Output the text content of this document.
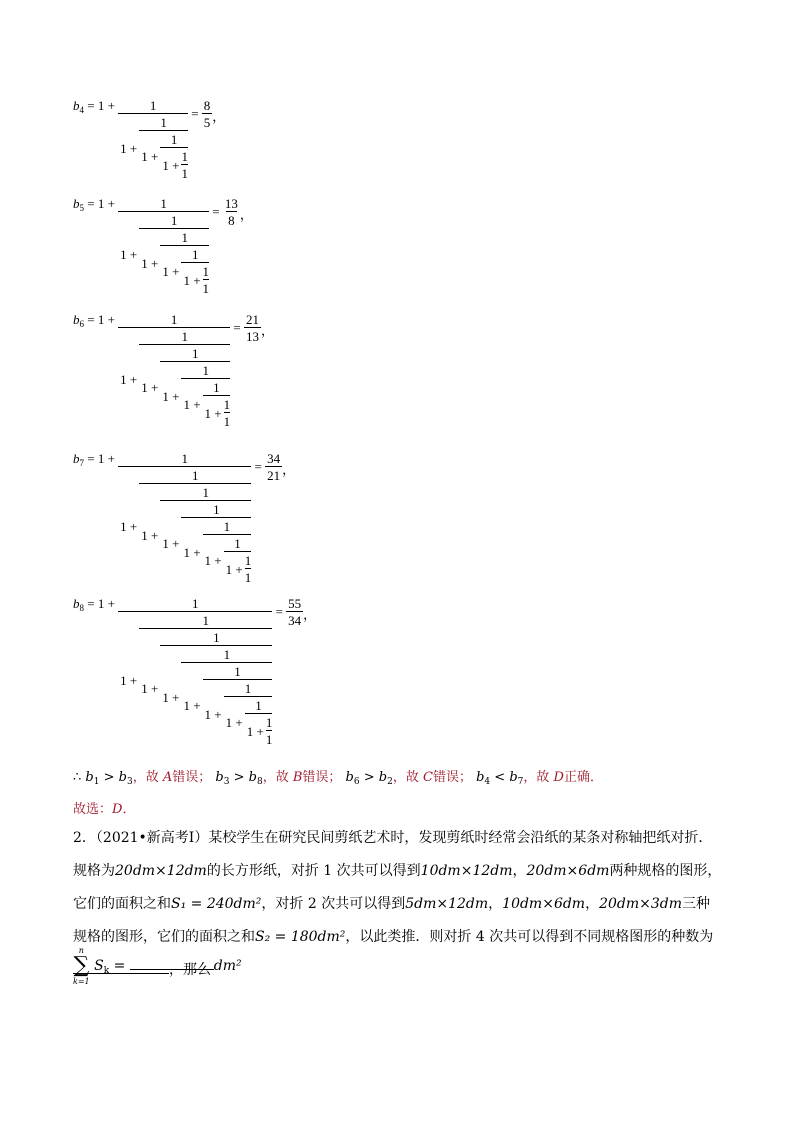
$b_4 = 1 + \frac{1}{1 + \frac{1}{1 + \frac{1}{1 + \frac{1}{1}}}} = \frac{8}{5}$ ，
$b_5 = 1 + \frac{1}{1 + \frac{1}{1 + \frac{1}{1 + \frac{1}{1 + \frac{1}{1}}}}} = \frac{13}{8}$ ，
$b_6 = 1 + \frac{1}{1 + \frac{1}{1 + \frac{1}{1 + \frac{1}{1 + \frac{1}{1 + \frac{1}{1}}}}}} = \frac{21}{13}$ ，
$b_7 = 1 + \frac{1}{1 + \frac{1}{1 + \frac{1}{1 + \frac{1}{1 + \frac{1}{1 + \frac{1}{1 + \frac{1}{1}}}}}}} = \frac{34}{21}$ ，
$b_8 = 1 + \frac{1}{1 + \frac{1}{1 + \frac{1}{1 + \frac{1}{1 + \frac{1}{1 + \frac{1}{1 + \frac{1}{1 + \frac{1}{1}}}}}}}} = \frac{55}{34}$ ，
∴ $b_1 > b_3$，故 A错误； $b_3 > b_8$，故 B错误； $b_6 > b_2$，故 C错误； $b_4 < b_7$，故 D正确．
故选：D．
2．（2021•新高考Ⅰ）某校学生在研究民间剪纸艺术时，发现剪纸时经常会沿纸的某条对称轴把纸对折．规格为20dm×12dm的长方形纸，对折 1 次共可以得到10dm×12dm，20dm×6dm两种规格的图形，它们的面积之和S₁ = 240dm²，对折 2 次共可以得到5dm×12dm，10dm×6dm，20dm×3dm三种规格的图形，它们的面积之和S₂ = 180dm²，以此类推．则对折 4 次共可以得到不同规格图形的种数为，那么
n
∑
k=1
$S_k$ =	dm²
